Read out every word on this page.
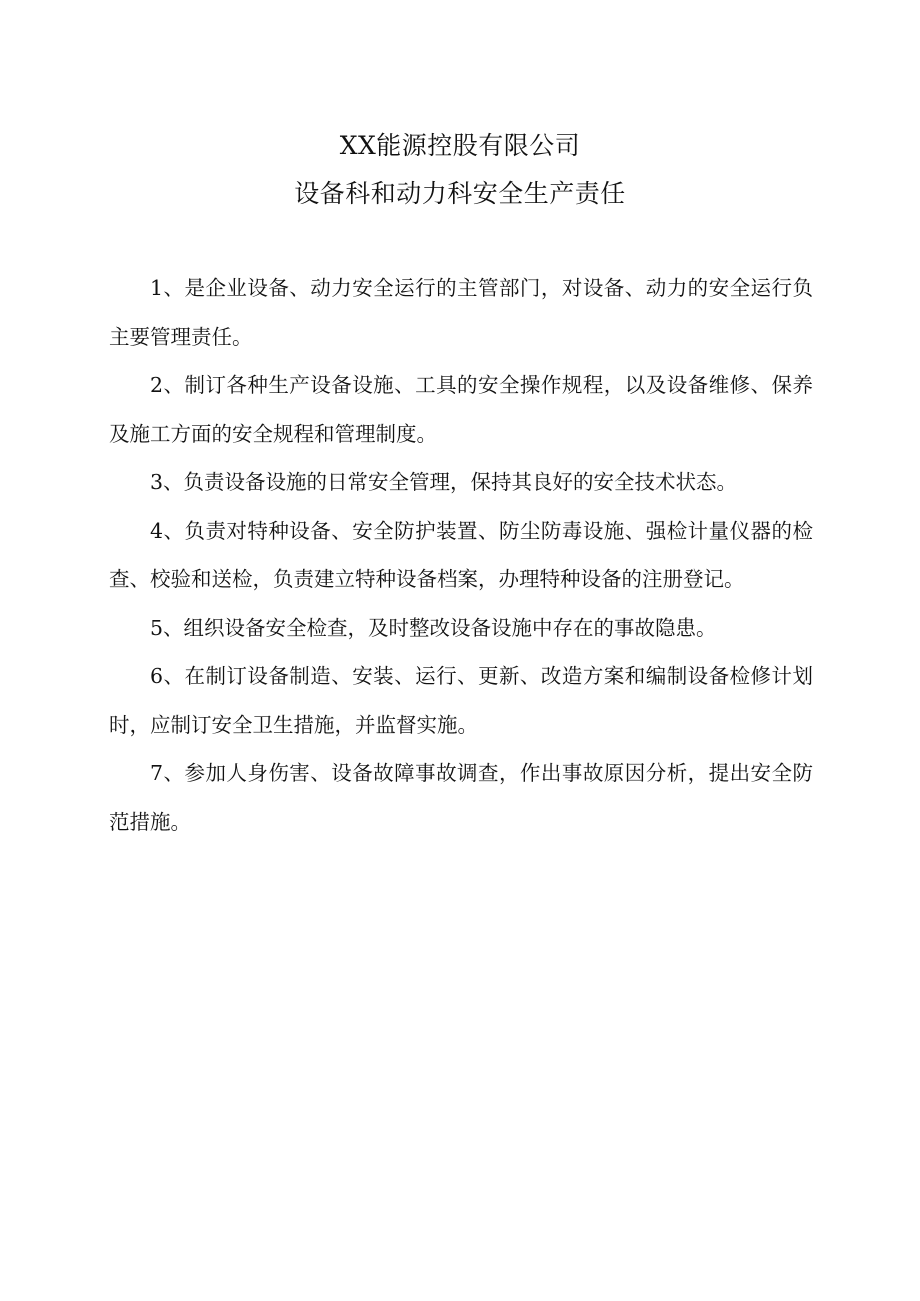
XX能源控股有限公司
设备科和动力科安全生产责任

1、是企业设备、动力安全运行的主管部门，对设备、动力的安全运行负主要管理责任。

2、制订各种生产设备设施、工具的安全操作规程，以及设备维修、保养及施工方面的安全规程和管理制度。

3、负责设备设施的日常安全管理，保持其良好的安全技术状态。

4、负责对特种设备、安全防护装置、防尘防毒设施、强检计量仪器的检查、校验和送检，负责建立特种设备档案，办理特种设备的注册登记。

5、组织设备安全检查，及时整改设备设施中存在的事故隐患。

6、在制订设备制造、安装、运行、更新、改造方案和编制设备检修计划时，应制订安全卫生措施，并监督实施。

7、参加人身伤害、设备故障事故调查，作出事故原因分析，提出安全防范措施。
